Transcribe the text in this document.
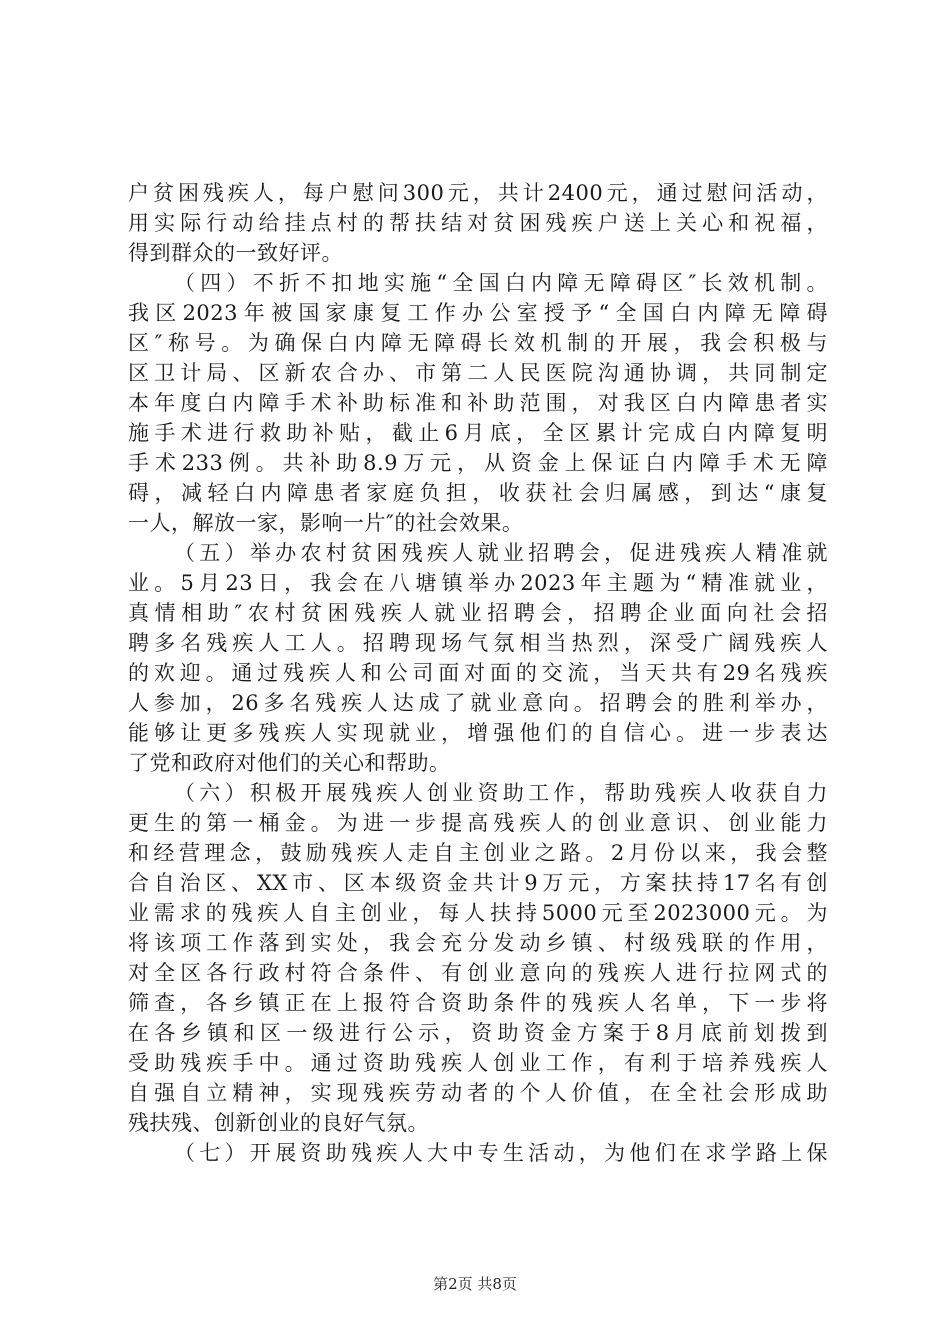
户贫困残疾人，每户慰问300元，共计2400元，通过慰问活动，
用实际行动给挂点村的帮扶结对贫困残疾户送上关心和祝福，
得到群众的一致好评。
（四）不折不扣地实施“全国白内障无障碍区″长效机制。
我区2023年被国家康复工作办公室授予“全国白内障无障碍
区″称号。为确保白内障无障碍长效机制的开展，我会积极与
区卫计局、区新农合办、市第二人民医院沟通协调，共同制定
本年度白内障手术补助标准和补助范围，对我区白内障患者实
施手术进行救助补贴，截止6月底，全区累计完成白内障复明
手术233例。共补助8.9万元，从资金上保证白内障手术无障
碍，减轻白内障患者家庭负担，收获社会归属感，到达“康复
一人，解放一家，影响一片″的社会效果。
（五）举办农村贫困残疾人就业招聘会，促进残疾人精准就
业。5月23日，我会在八塘镇举办2023年主题为“精准就业，
真情相助″农村贫困残疾人就业招聘会，招聘企业面向社会招
聘多名残疾人工人。招聘现场气氛相当热烈，深受广阔残疾人
的欢迎。通过残疾人和公司面对面的交流，当天共有29名残疾
人参加，26多名残疾人达成了就业意向。招聘会的胜利举办，
能够让更多残疾人实现就业，增强他们的自信心。进一步表达
了党和政府对他们的关心和帮助。
（六）积极开展残疾人创业资助工作，帮助残疾人收获自力
更生的第一桶金。为进一步提高残疾人的创业意识、创业能力
和经营理念，鼓励残疾人走自主创业之路。2月份以来，我会整
合自治区、XX市、区本级资金共计9万元，方案扶持17名有创
业需求的残疾人自主创业，每人扶持5000元至2023000元。为
将该项工作落到实处，我会充分发动乡镇、村级残联的作用，
对全区各行政村符合条件、有创业意向的残疾人进行拉网式的
筛查，各乡镇正在上报符合资助条件的残疾人名单，下一步将
在各乡镇和区一级进行公示，资助资金方案于8月底前划拨到
受助残疾手中。通过资助残疾人创业工作，有利于培养残疾人
自强自立精神，实现残疾劳动者的个人价值，在全社会形成助
残扶残、创新创业的良好气氛。
（七）开展资助残疾人大中专生活动，为他们在求学路上保
第2页 共8页
